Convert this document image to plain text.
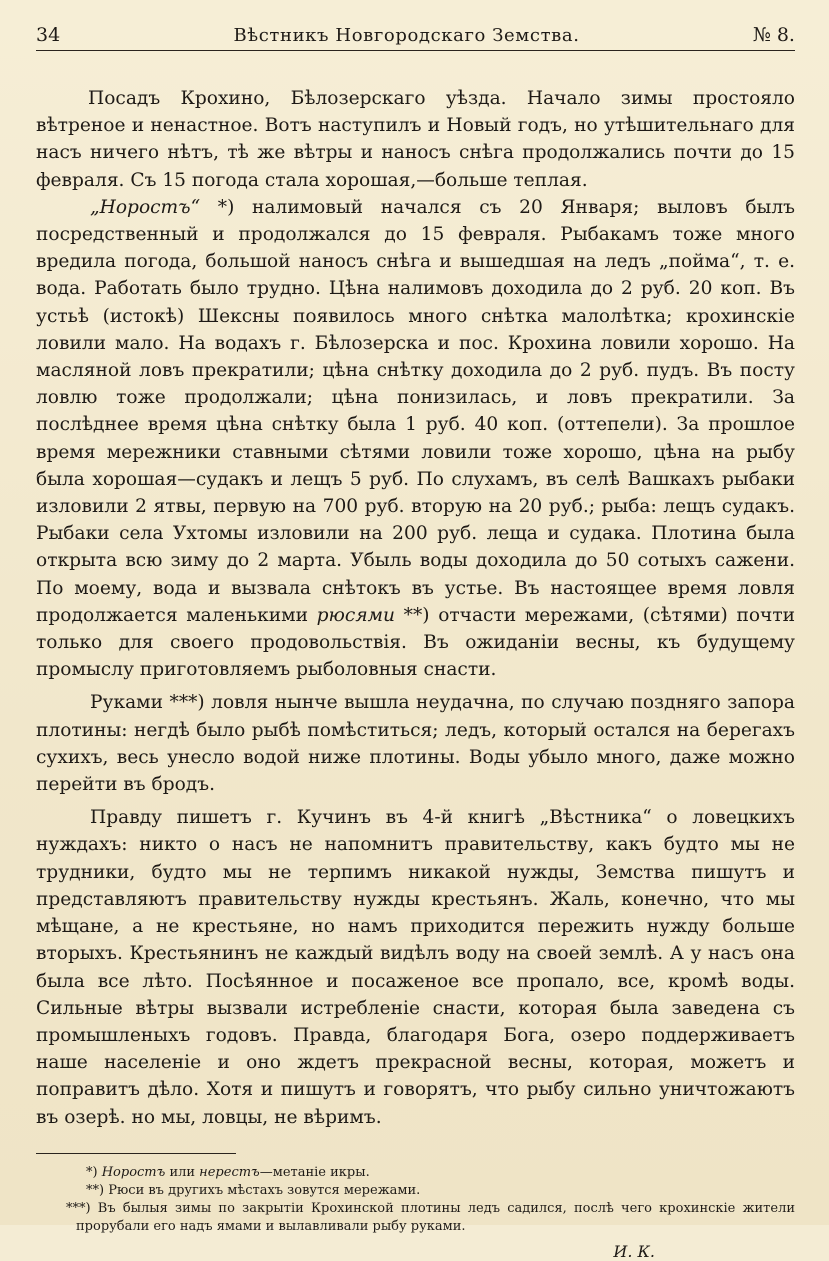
34	Вѣстникъ Новгородскаго Земства.	№ 8.

Посадъ Крохино, Бѣлозерскаго уѣзда. Начало зимы простояло вѣтреное и ненастное. Вотъ наступилъ и Новый годъ, но утѣшительнаго для насъ ничего нѣтъ, тѣ же вѣтры и наносъ снѣга продолжались почти до 15 февраля. Съ 15 погода стала хорошая,—больше теплая.

„Норостъ“ *) налимовый начался съ 20 Января; выловъ былъ посредственный и продолжался до 15 февраля. Рыбакамъ тоже много вредила погода, большой наносъ снѣга и вышедшая на ледъ „пойма“, т. е. вода. Работать было трудно. Цѣна налимовъ доходила до 2 руб. 20 коп. Въ устьѣ (истокѣ) Шексны появилось много снѣтка малолѣтка; крохинскіе ловили мало. На водахъ г. Бѣлозерска и пос. Крохина ловили хорошо. На масляной ловъ прекратили; цѣна снѣтку доходила до 2 руб. пудъ. Въ посту ловлю тоже продолжали; цѣна понизилась, и ловъ прекратили. За послѣднее время цѣна снѣтку была 1 руб. 40 коп. (оттепели). За прошлое время мережники ставными сѣтями ловили тоже хорошо, цѣна на рыбу была хорошая—судакъ и лещъ 5 руб. По слухамъ, въ селѣ Вашкахъ рыбаки изловили 2 ятвы, первую на 700 руб. вторую на 20 руб.; рыба: лещъ судакъ. Рыбаки села Ухтомы изловили на 200 руб. леща и судака. Плотина была открыта всю зиму до 2 марта. Убыль воды доходила до 50 сотыхъ сажени. По моему, вода и вызвала снѣтокъ въ устье. Въ настоящее время ловля продолжается маленькими рюсями **) отчасти мережами, (сѣтями) почти только для своего продовольствія. Въ ожиданіи весны, къ будущему промыслу приготовляемъ рыболовныя снасти.

Руками ***) ловля нынче вышла неудачна, по случаю поздняго запора плотины: негдѣ было рыбѣ помѣститься; ледъ, который остался на берегахъ сухихъ, весь унесло водой ниже плотины. Воды убыло много, даже можно перейти въ бродъ.

Правду пишетъ г. Кучинъ въ 4-й книгѣ „Вѣстника“ о ловецкихъ нуждахъ: никто о насъ не напомнитъ правительству, какъ будто мы не трудники, будто мы не терпимъ никакой нужды, Земства пишутъ и представляютъ правительству нужды крестьянъ. Жаль, конечно, что мы мѣщане, а не крестьяне, но намъ приходится пережить нужду больше вторыхъ. Крестьянинъ не каждый видѣлъ воду на своей землѣ. А у насъ она была все лѣто. Посѣянное и посаженое все пропало, все, кромѣ воды. Сильные вѣтры вызвали истребленіе снасти, которая была заведена съ промышленыхъ годовъ. Правда, благодаря Бога, озеро поддерживаетъ наше населеніе и оно ждетъ прекрасной весны, которая, можетъ и поправитъ дѣло. Хотя и пишутъ и говорятъ, что рыбу сильно уничтожаютъ въ озерѣ. но мы, ловцы, не вѣримъ.

*) Норостъ или нерестъ—метаніе икры.
**) Рюси въ другихъ мѣстахъ зовутся мережами.
***) Въ былыя зимы по закрытіи Крохинской плотины ледъ садился, послѣ чего крохинскіе жители прорубали его надъ ямами и вылавливали рыбу руками.
И. К.
